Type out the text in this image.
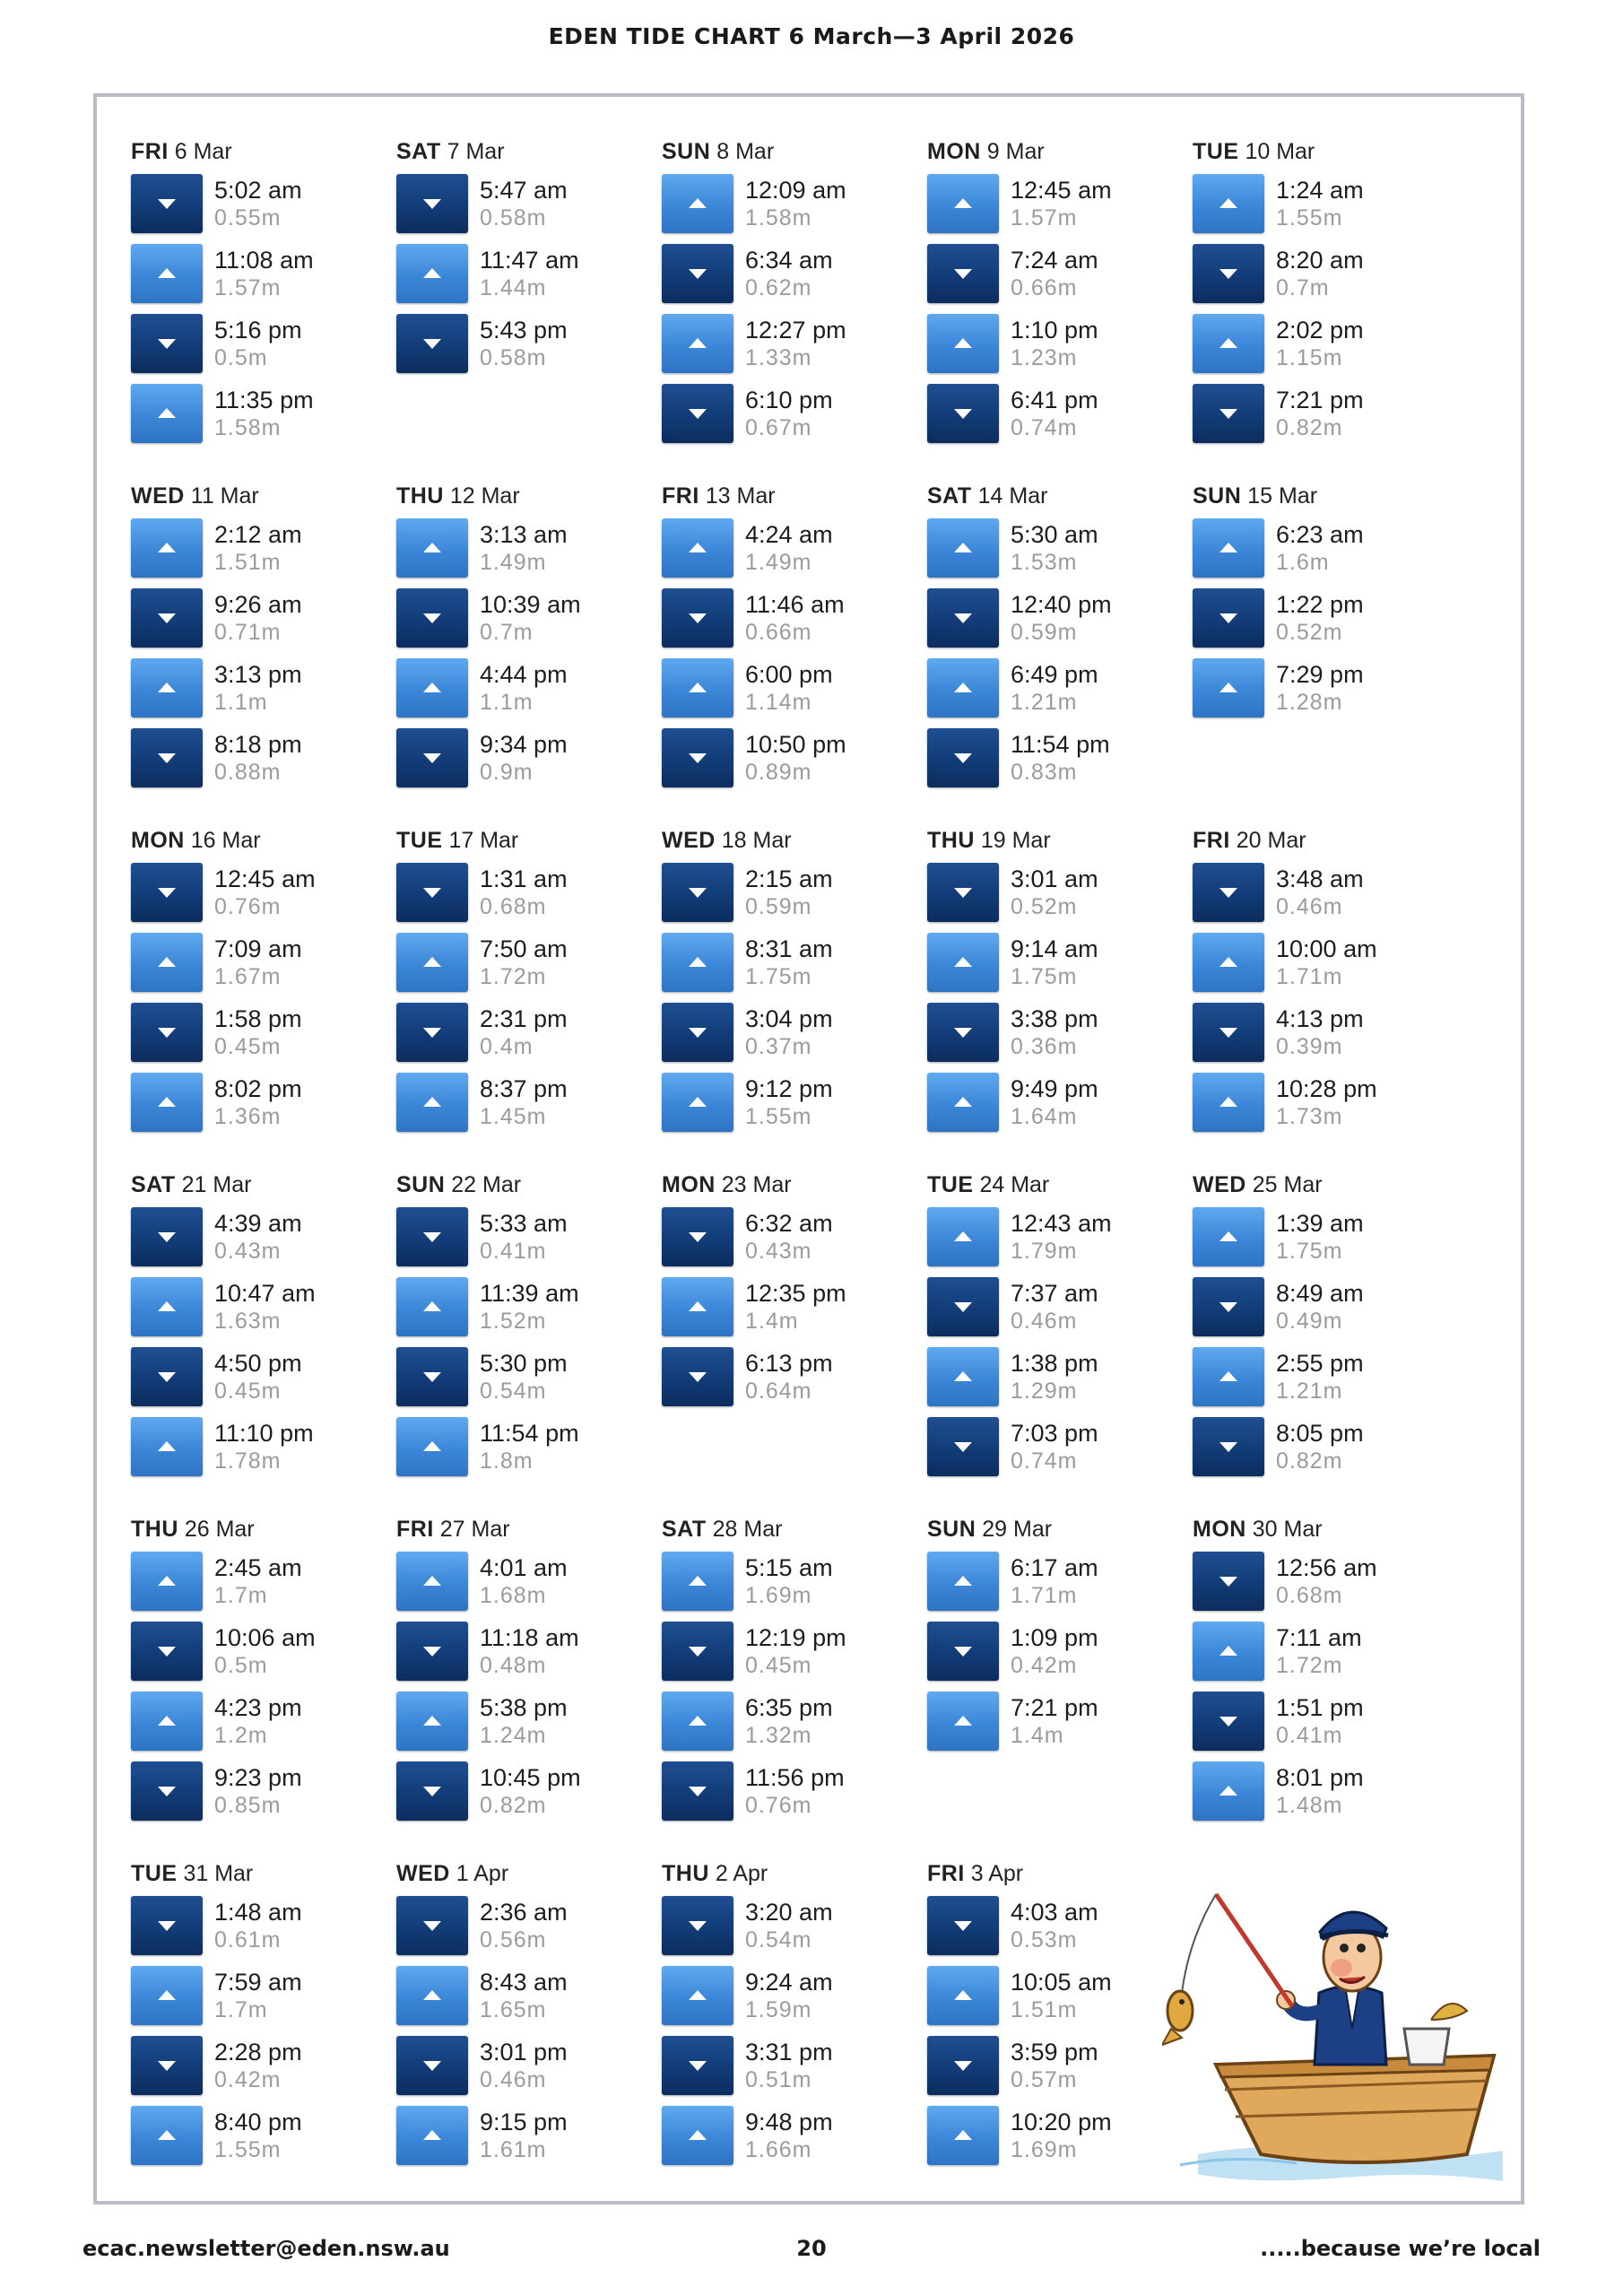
EDEN TIDE CHART 6 March—3 April 2026
FRI 6 Mar
5:02 am
0.55m
11:08 am
1.57m
5:16 pm
0.5m
11:35 pm
1.58m
SAT 7 Mar
5:47 am
0.58m
11:47 am
1.44m
5:43 pm
0.58m
SUN 8 Mar
12:09 am
1.58m
6:34 am
0.62m
12:27 pm
1.33m
6:10 pm
0.67m
MON 9 Mar
12:45 am
1.57m
7:24 am
0.66m
1:10 pm
1.23m
6:41 pm
0.74m
TUE 10 Mar
1:24 am
1.55m
8:20 am
0.7m
2:02 pm
1.15m
7:21 pm
0.82m
WED 11 Mar
2:12 am
1.51m
9:26 am
0.71m
3:13 pm
1.1m
8:18 pm
0.88m
THU 12 Mar
3:13 am
1.49m
10:39 am
0.7m
4:44 pm
1.1m
9:34 pm
0.9m
FRI 13 Mar
4:24 am
1.49m
11:46 am
0.66m
6:00 pm
1.14m
10:50 pm
0.89m
SAT 14 Mar
5:30 am
1.53m
12:40 pm
0.59m
6:49 pm
1.21m
11:54 pm
0.83m
SUN 15 Mar
6:23 am
1.6m
1:22 pm
0.52m
7:29 pm
1.28m
MON 16 Mar
12:45 am
0.76m
7:09 am
1.67m
1:58 pm
0.45m
8:02 pm
1.36m
TUE 17 Mar
1:31 am
0.68m
7:50 am
1.72m
2:31 pm
0.4m
8:37 pm
1.45m
WED 18 Mar
2:15 am
0.59m
8:31 am
1.75m
3:04 pm
0.37m
9:12 pm
1.55m
THU 19 Mar
3:01 am
0.52m
9:14 am
1.75m
3:38 pm
0.36m
9:49 pm
1.64m
FRI 20 Mar
3:48 am
0.46m
10:00 am
1.71m
4:13 pm
0.39m
10:28 pm
1.73m
SAT 21 Mar
4:39 am
0.43m
10:47 am
1.63m
4:50 pm
0.45m
11:10 pm
1.78m
SUN 22 Mar
5:33 am
0.41m
11:39 am
1.52m
5:30 pm
0.54m
11:54 pm
1.8m
MON 23 Mar
6:32 am
0.43m
12:35 pm
1.4m
6:13 pm
0.64m
TUE 24 Mar
12:43 am
1.79m
7:37 am
0.46m
1:38 pm
1.29m
7:03 pm
0.74m
WED 25 Mar
1:39 am
1.75m
8:49 am
0.49m
2:55 pm
1.21m
8:05 pm
0.82m
THU 26 Mar
2:45 am
1.7m
10:06 am
0.5m
4:23 pm
1.2m
9:23 pm
0.85m
FRI 27 Mar
4:01 am
1.68m
11:18 am
0.48m
5:38 pm
1.24m
10:45 pm
0.82m
SAT 28 Mar
5:15 am
1.69m
12:19 pm
0.45m
6:35 pm
1.32m
11:56 pm
0.76m
SUN 29 Mar
6:17 am
1.71m
1:09 pm
0.42m
7:21 pm
1.4m
MON 30 Mar
12:56 am
0.68m
7:11 am
1.72m
1:51 pm
0.41m
8:01 pm
1.48m
TUE 31 Mar
1:48 am
0.61m
7:59 am
1.7m
2:28 pm
0.42m
8:40 pm
1.55m
WED 1 Apr
2:36 am
0.56m
8:43 am
1.65m
3:01 pm
0.46m
9:15 pm
1.61m
THU 2 Apr
3:20 am
0.54m
9:24 am
1.59m
3:31 pm
0.51m
9:48 pm
1.66m
FRI 3 Apr
4:03 am
0.53m
10:05 am
1.51m
3:59 pm
0.57m
10:20 pm
1.69m
ecac.newsletter@eden.nsw.au	20	.....because we’re local
